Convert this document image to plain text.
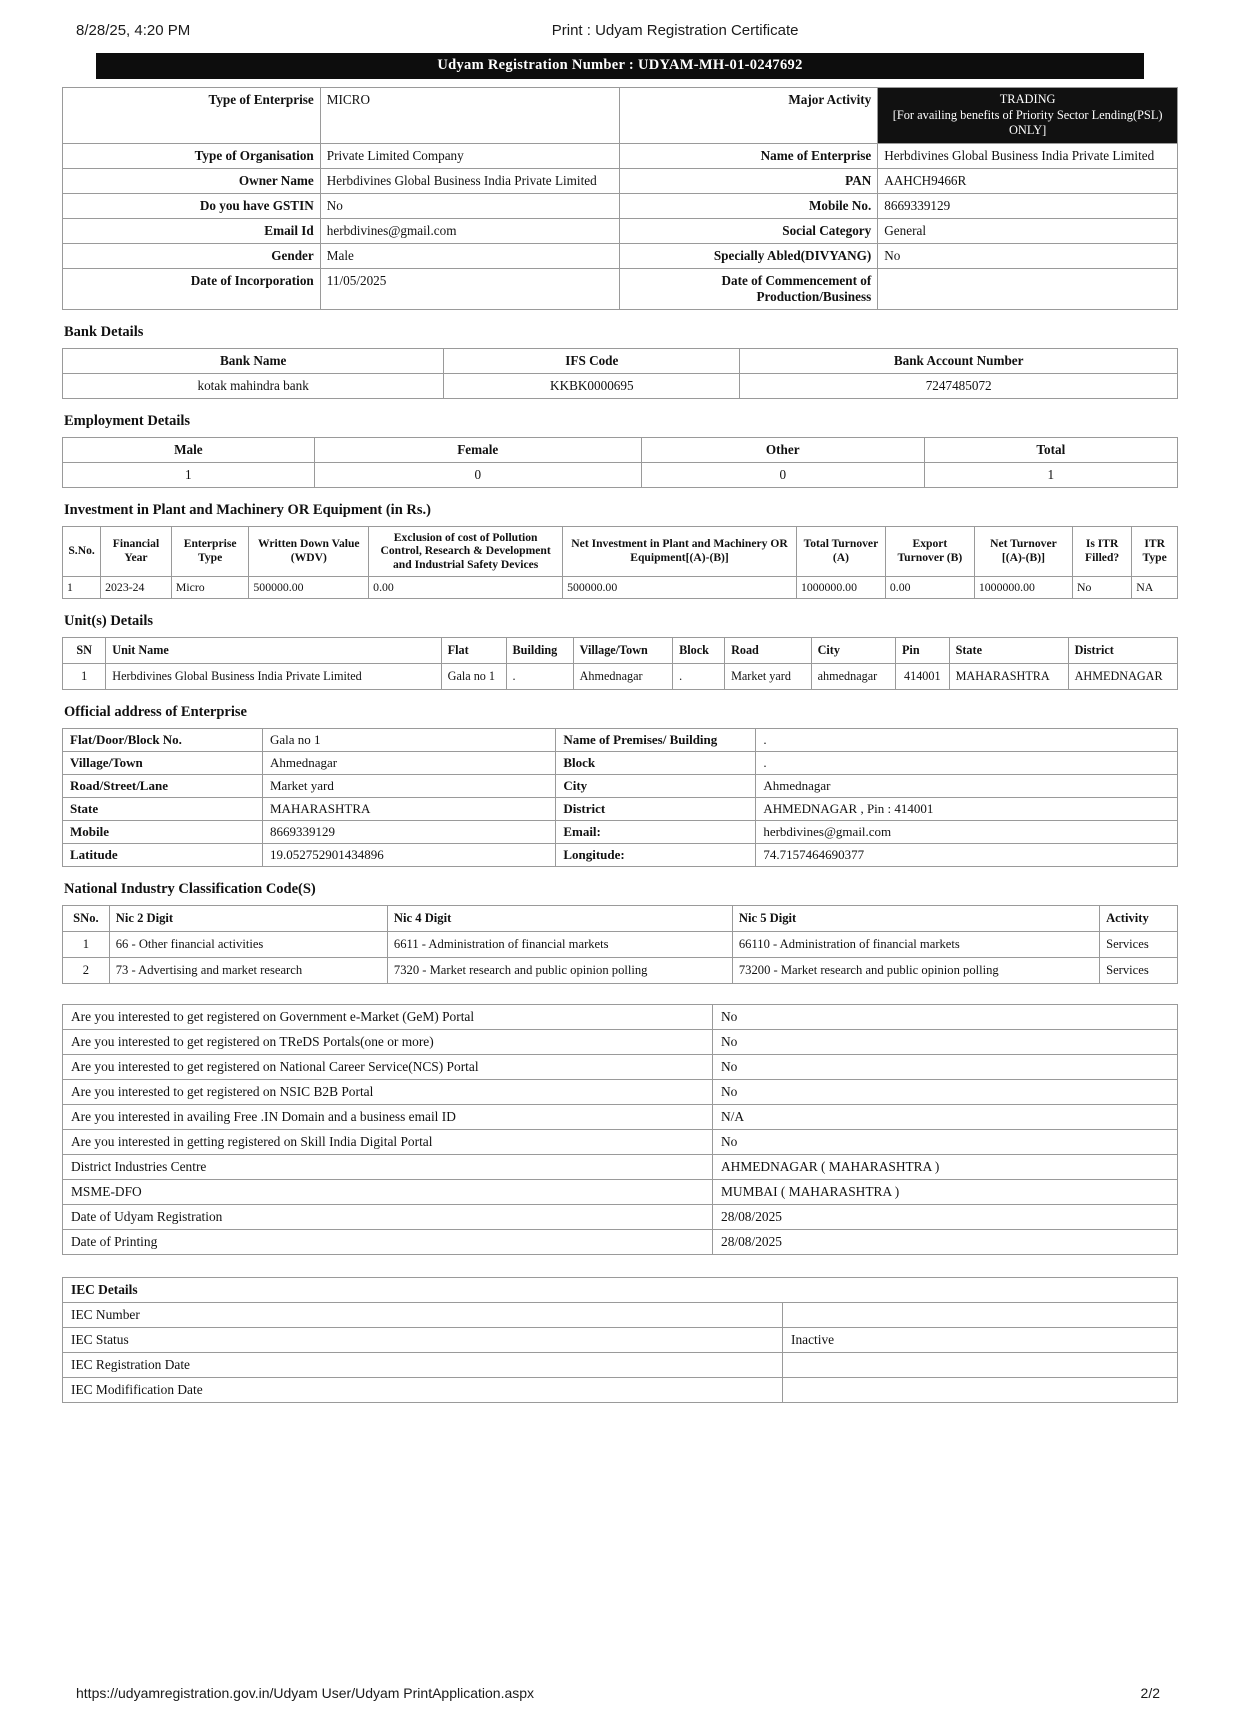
8/28/25, 4:20 PM	Print : Udyam Registration Certificate
Udyam Registration Number : UDYAM-MH-01-0247692
Type of Enterprise	MICRO	Major Activity	TRADING
[For availing benefits of Priority Sector Lending(PSL) ONLY]
Type of Organisation	Private Limited Company	Name of Enterprise	Herbdivines Global Business India Private Limited
Owner Name	Herbdivines Global Business India Private Limited	PAN	AAHCH9466R
Do you have GSTIN	No	Mobile No.	8669339129
Email Id	herbdivines@gmail.com	Social Category	General
Gender	Male	Specially Abled(DIVYANG)	No
Date of Incorporation	11/05/2025	Date of Commencement of Production/Business	
Bank Details
Bank Name	IFS Code	Bank Account Number
kotak mahindra bank	KKBK0000695	7247485072
Employment Details
Male	Female	Other	Total
1	0	0	1
Investment in Plant and Machinery OR Equipment (in Rs.)
S.No.	Financial Year	Enterprise Type	Written Down Value (WDV)	Exclusion of cost of Pollution Control, Research & Development and Industrial Safety Devices	Net Investment in Plant and Machinery OR Equipment[(A)-(B)]	Total Turnover (A)	Export Turnover (B)	Net Turnover [(A)-(B)]	Is ITR Filled?	ITR Type
1	2023-24	Micro	500000.00	0.00	500000.00	1000000.00	0.00	1000000.00	No	NA
Unit(s) Details
SN	Unit Name	Flat	Building	Village/Town	Block	Road	City	Pin	State	District
1	Herbdivines Global Business India Private Limited	Gala no 1	.	Ahmednagar	.	Market yard	ahmednagar	414001	MAHARASHTRA	AHMEDNAGAR
Official address of Enterprise
Flat/Door/Block No.	Gala no 1	Name of Premises/ Building	.
Village/Town	Ahmednagar	Block	.
Road/Street/Lane	Market yard	City	Ahmednagar
State	MAHARASHTRA	District	AHMEDNAGAR , Pin : 414001
Mobile	8669339129	Email:	herbdivines@gmail.com
Latitude	19.052752901434896	Longitude:	74.7157464690377
National Industry Classification Code(S)
SNo.	Nic 2 Digit	Nic 4 Digit	Nic 5 Digit	Activity
1	66 - Other financial activities	6611 - Administration of financial markets	66110 - Administration of financial markets	Services
2	73 - Advertising and market research	7320 - Market research and public opinion polling	73200 - Market research and public opinion polling	Services
Are you interested to get registered on Government e-Market (GeM) Portal	No
Are you interested to get registered on TReDS Portals(one or more)	No
Are you interested to get registered on National Career Service(NCS) Portal	No
Are you interested to get registered on NSIC B2B Portal	No
Are you interested in availing Free .IN Domain and a business email ID	N/A
Are you interested in getting registered on Skill India Digital Portal	No
District Industries Centre	AHMEDNAGAR ( MAHARASHTRA )
MSME-DFO	MUMBAI ( MAHARASHTRA )
Date of Udyam Registration	28/08/2025
Date of Printing	28/08/2025
IEC Details	
IEC Number	
IEC Status	Inactive
IEC Registration Date	
IEC Modifification Date	
https://udyamregistration.gov.in/Udyam User/Udyam PrintApplication.aspx	2/2
